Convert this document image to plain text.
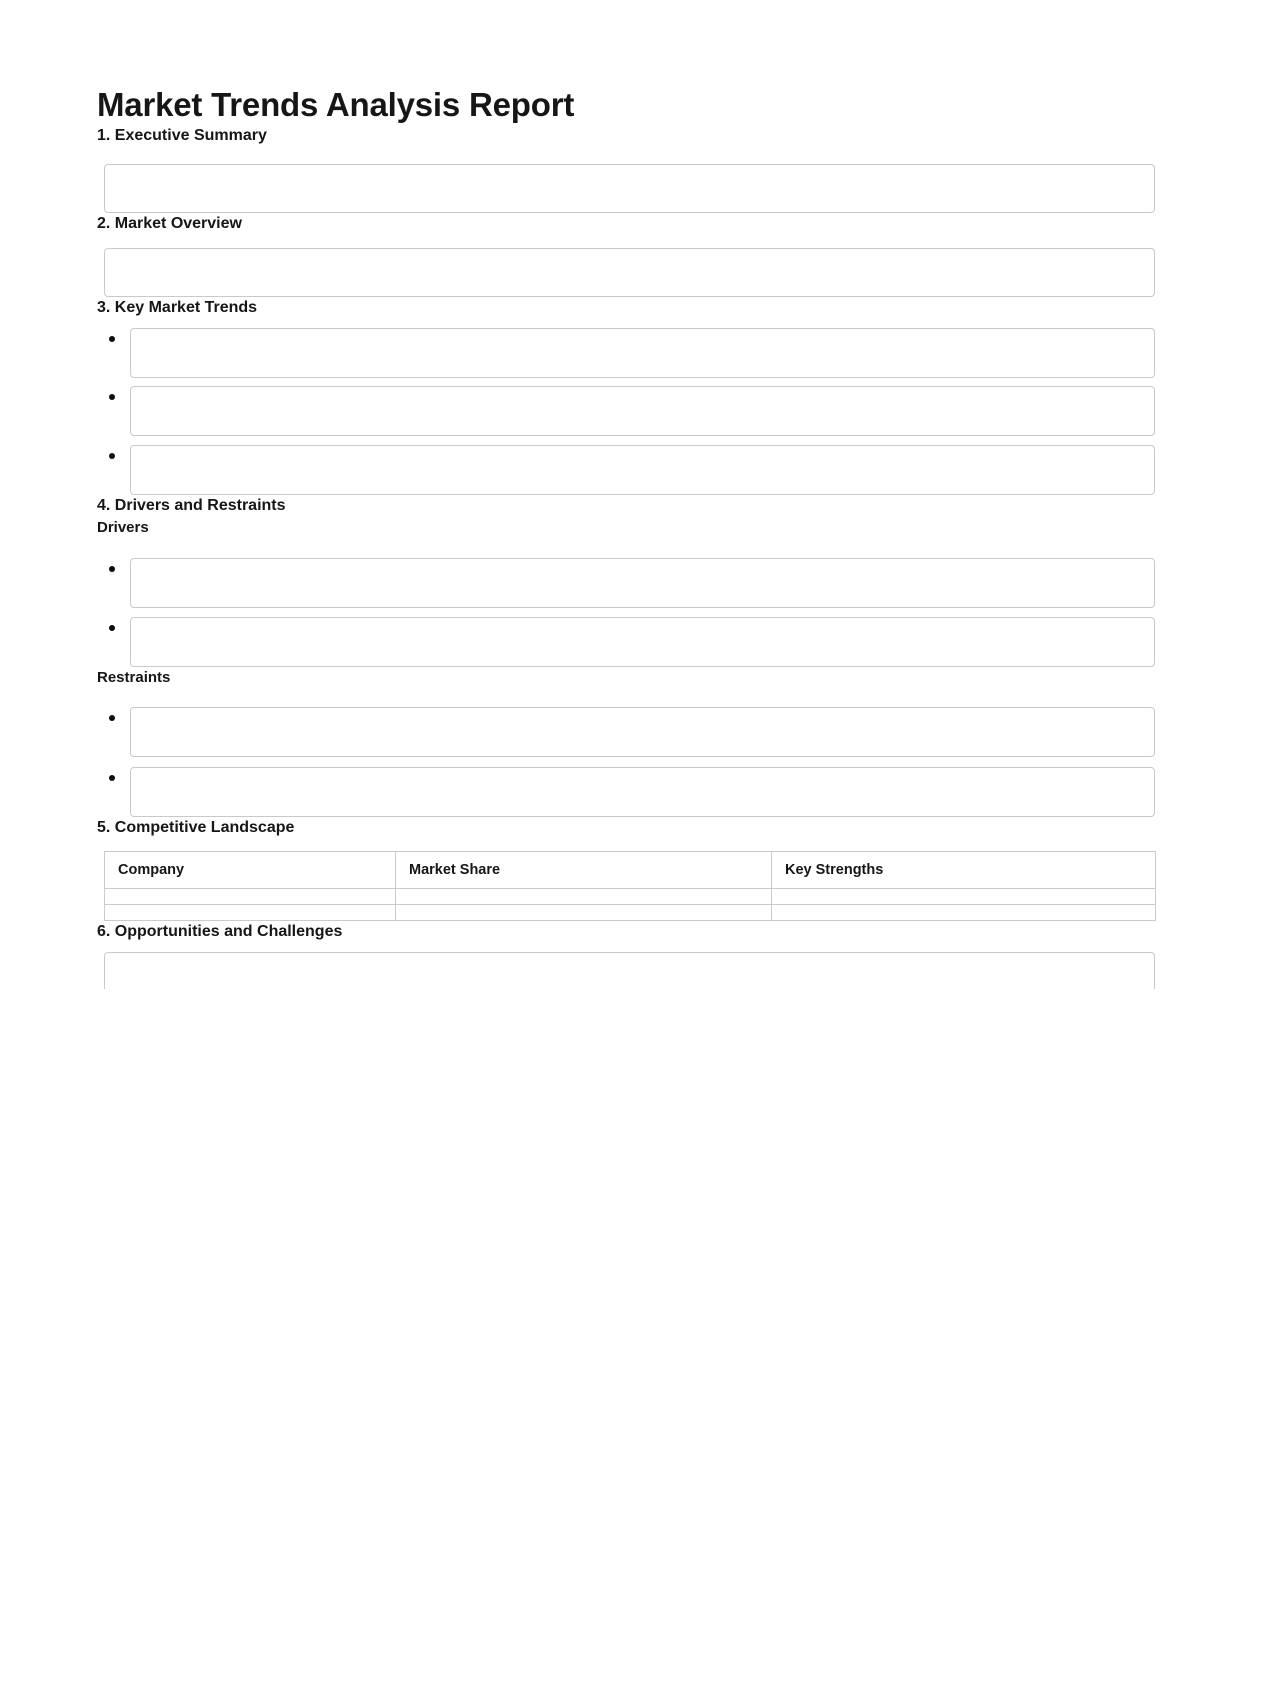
Market Trends Analysis Report
1. Executive Summary
2. Market Overview
3. Key Market Trends
4. Drivers and Restraints
Drivers
Restraints
5. Competitive Landscape
Company	Market Share	Key Strengths

6. Opportunities and Challenges
